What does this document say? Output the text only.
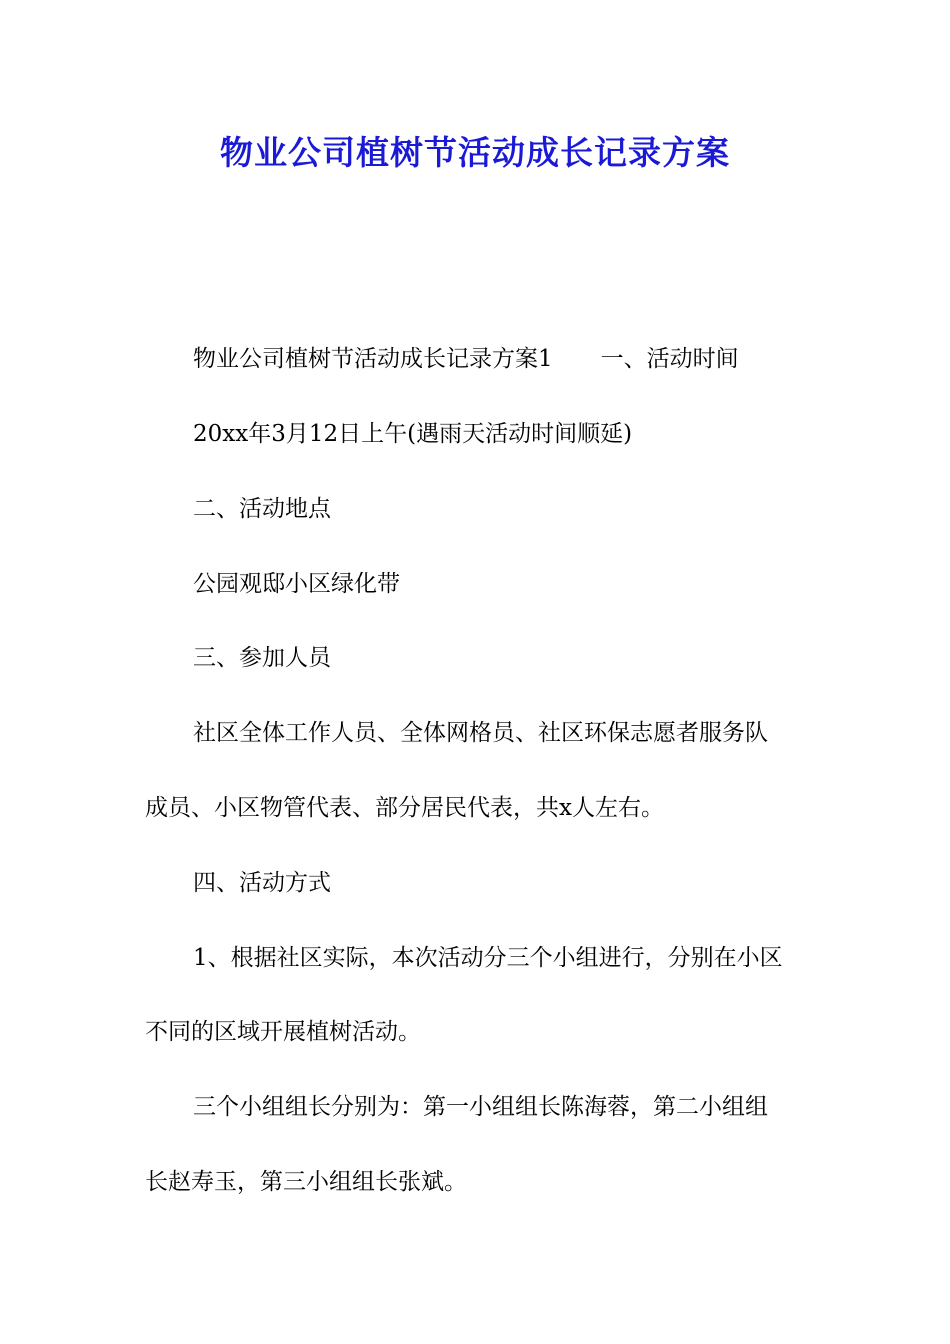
物业公司植树节活动成长记录方案
物业公司植树节活动成长记录方案1 一、活动时间
20xx年3月12日上午(遇雨天活动时间顺延)
二、活动地点
公园观邸小区绿化带
三、参加人员
社区全体工作人员、全体网格员、社区环保志愿者服务队
成员、小区物管代表、部分居民代表，共x人左右。
四、活动方式
1、根据社区实际，本次活动分三个小组进行，分别在小区
不同的区域开展植树活动。
三个小组组长分别为：第一小组组长陈海蓉，第二小组组
长赵寿玉，第三小组组长张斌。
